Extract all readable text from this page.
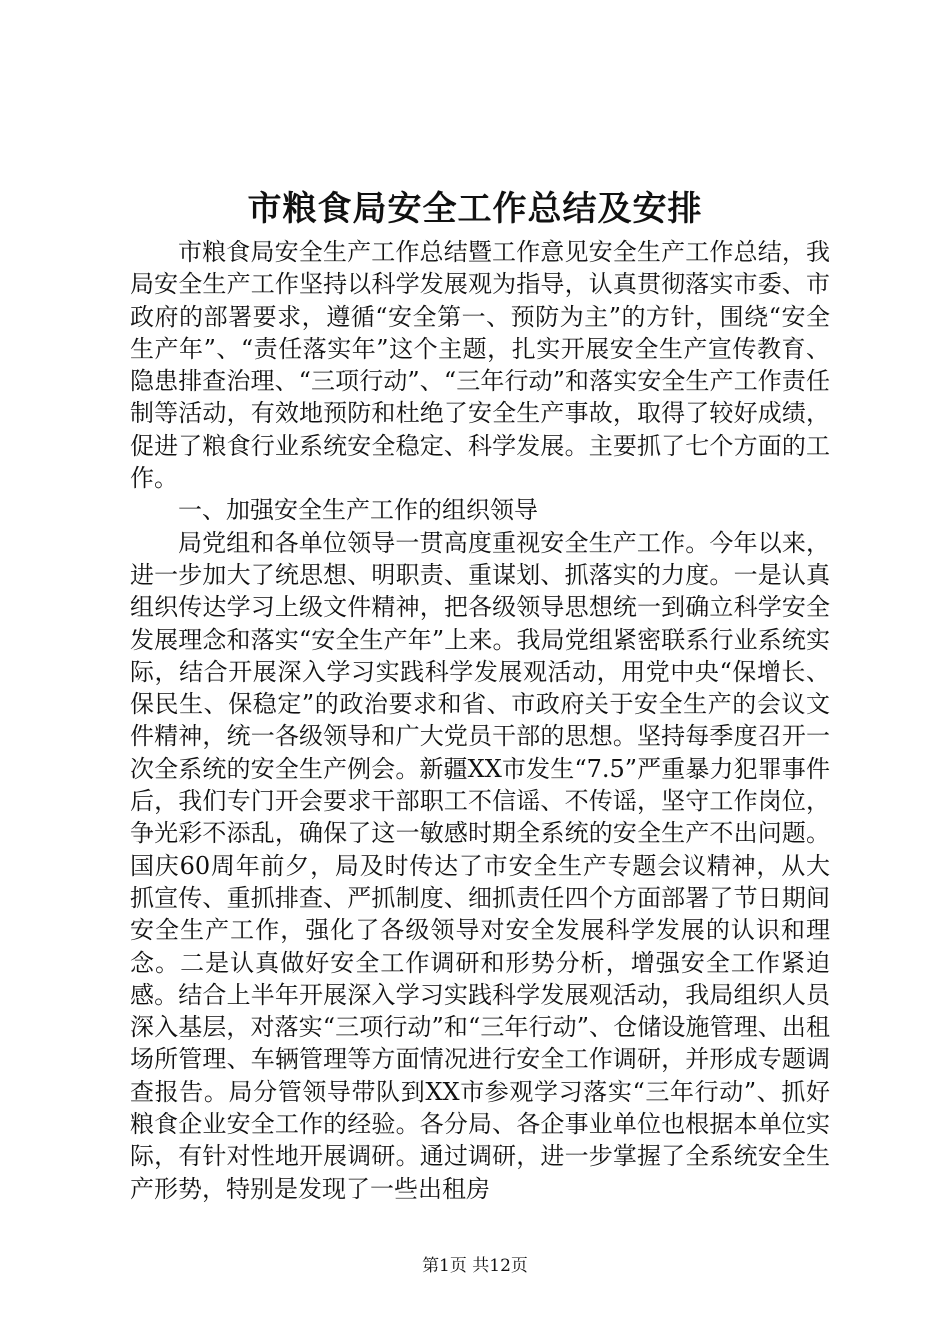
市粮食局安全工作总结及安排

市粮食局安全生产工作总结暨工作意见安全生产工作总结，我局安全生产工作坚持以科学发展观为指导，认真贯彻落实市委、市政府的部署要求，遵循“安全第一、预防为主”的方针，围绕“安全生产年”、“责任落实年”这个主题，扎实开展安全生产宣传教育、隐患排查治理、“三项行动”、“三年行动”和落实安全生产工作责任制等活动，有效地预防和杜绝了安全生产事故，取得了较好成绩，促进了粮食行业系统安全稳定、科学发展。主要抓了七个方面的工作。

一、加强安全生产工作的组织领导

局党组和各单位领导一贯高度重视安全生产工作。今年以来，进一步加大了统思想、明职责、重谋划、抓落实的力度。一是认真组织传达学习上级文件精神，把各级领导思想统一到确立科学安全发展理念和落实“安全生产年”上来。我局党组紧密联系行业系统实际，结合开展深入学习实践科学发展观活动，用党中央“保增长、保民生、保稳定”的政治要求和省、市政府关于安全生产的会议文件精神，统一各级领导和广大党员干部的思想。坚持每季度召开一次全系统的安全生产例会。新疆XX市发生“7.5”严重暴力犯罪事件后，我们专门开会要求干部职工不信谣、不传谣，坚守工作岗位，争光彩不添乱，确保了这一敏感时期全系统的安全生产不出问题。国庆60周年前夕，局及时传达了市安全生产专题会议精神，从大抓宣传、重抓排查、严抓制度、细抓责任四个方面部署了节日期间安全生产工作，强化了各级领导对安全发展科学发展的认识和理念。二是认真做好安全工作调研和形势分析，增强安全工作紧迫感。结合上半年开展深入学习实践科学发展观活动，我局组织人员深入基层，对落实“三项行动”和“三年行动”、仓储设施管理、出租场所管理、车辆管理等方面情况进行安全工作调研，并形成专题调查报告。局分管领导带队到XX市参观学习落实“三年行动”、抓好粮食企业安全工作的经验。各分局、各企事业单位也根据本单位实际，有针对性地开展调研。通过调研，进一步掌握了全系统安全生产形势，特别是发现了一些出租房

第1页 共12页
